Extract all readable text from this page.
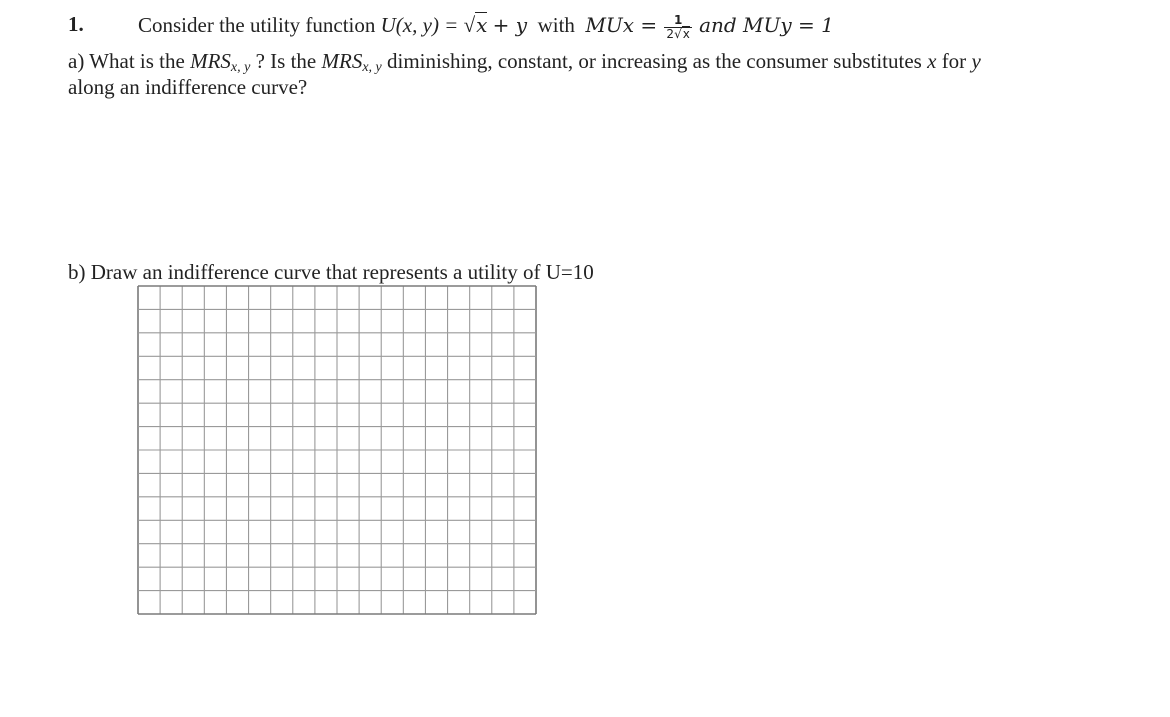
1.	Consider the utility function U(x, y) = √x + y with MUx = $\frac{1}{2√x}$ and MUy = 1
a) What is the $MRS_{x, y}$ ? Is the $MRS_{x, y}$ diminishing, constant, or increasing as the consumer substitutes x for y
along an indifference curve?
b) Draw an indifference curve that represents a utility of U=10
